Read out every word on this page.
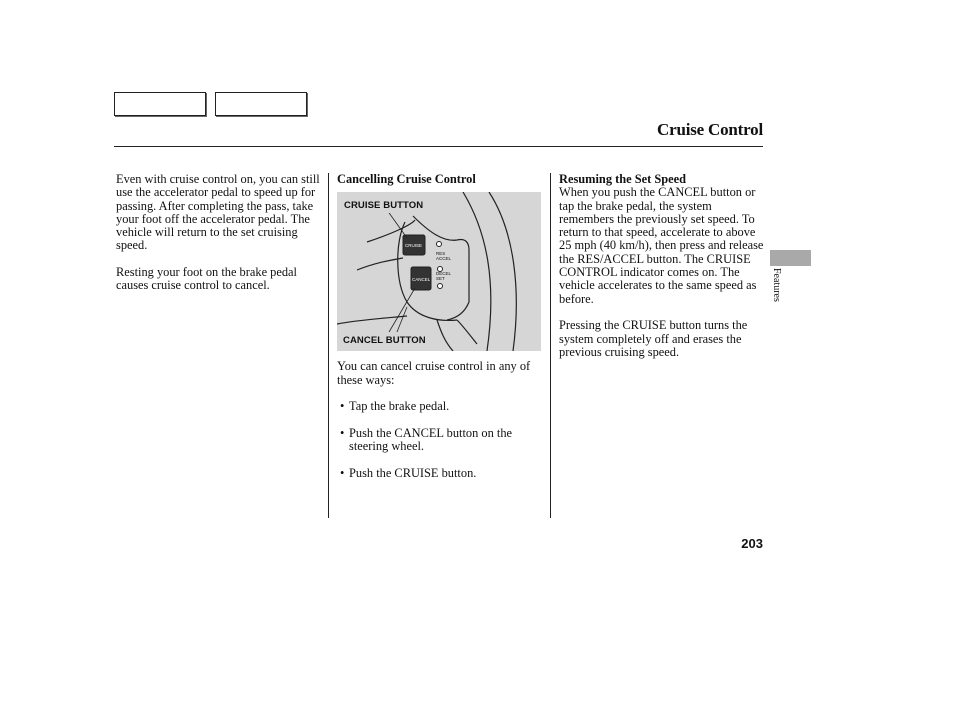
Cruise Control

Even with cruise control on, you can still use the accelerator pedal to speed up for passing. After completing the pass, take your foot off the accelerator pedal. The vehicle will return to the set cruising speed.

Resting your foot on the brake pedal causes cruise control to cancel.

Cancelling Cruise Control
CRUISE
CANCEL
RES
ACCEL
DECEL
SET
CRUISE BUTTON
CANCEL BUTTON

You can cancel cruise control in any of these ways:

• Tap the brake pedal.
• Push the CANCEL button on the steering wheel.
• Push the CRUISE button.
Resuming the Set Speed

When you push the CANCEL button or tap the brake pedal, the system remembers the previously set speed. To return to that speed, accelerate to above 25 mph (40 km/h), then press and release the RES/ACCEL button. The CRUISE CONTROL indicator comes on. The vehicle accelerates to the same speed as before.

Pressing the CRUISE button turns the system completely off and erases the previous cruising speed.

Features
203
